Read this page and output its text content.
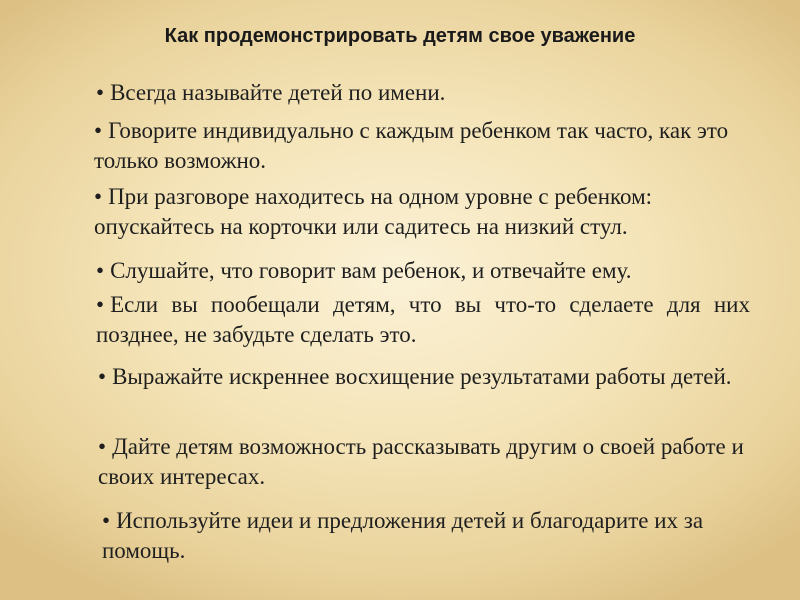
Как продемонстрировать детям свое уважение

• Всегда называйте детей по имени.

• Говорите индивидуально с каждым ребенком так часто, как это только возможно.

• При разговоре находитесь на одном уровне с ребенком: опускайтесь на корточки или садитесь на низкий стул.

• Слушайте, что говорит вам ребенок, и отвечайте ему.

• Если вы пообещали детям, что вы что-то сделаете для них позднее, не забудьте сделать это.

• Выражайте искреннее восхищение результатами работы детей.

• Дайте детям возможность рассказывать другим о своей работе и своих интересах.

• Используйте идеи и предложения детей и благодарите их за помощь.
